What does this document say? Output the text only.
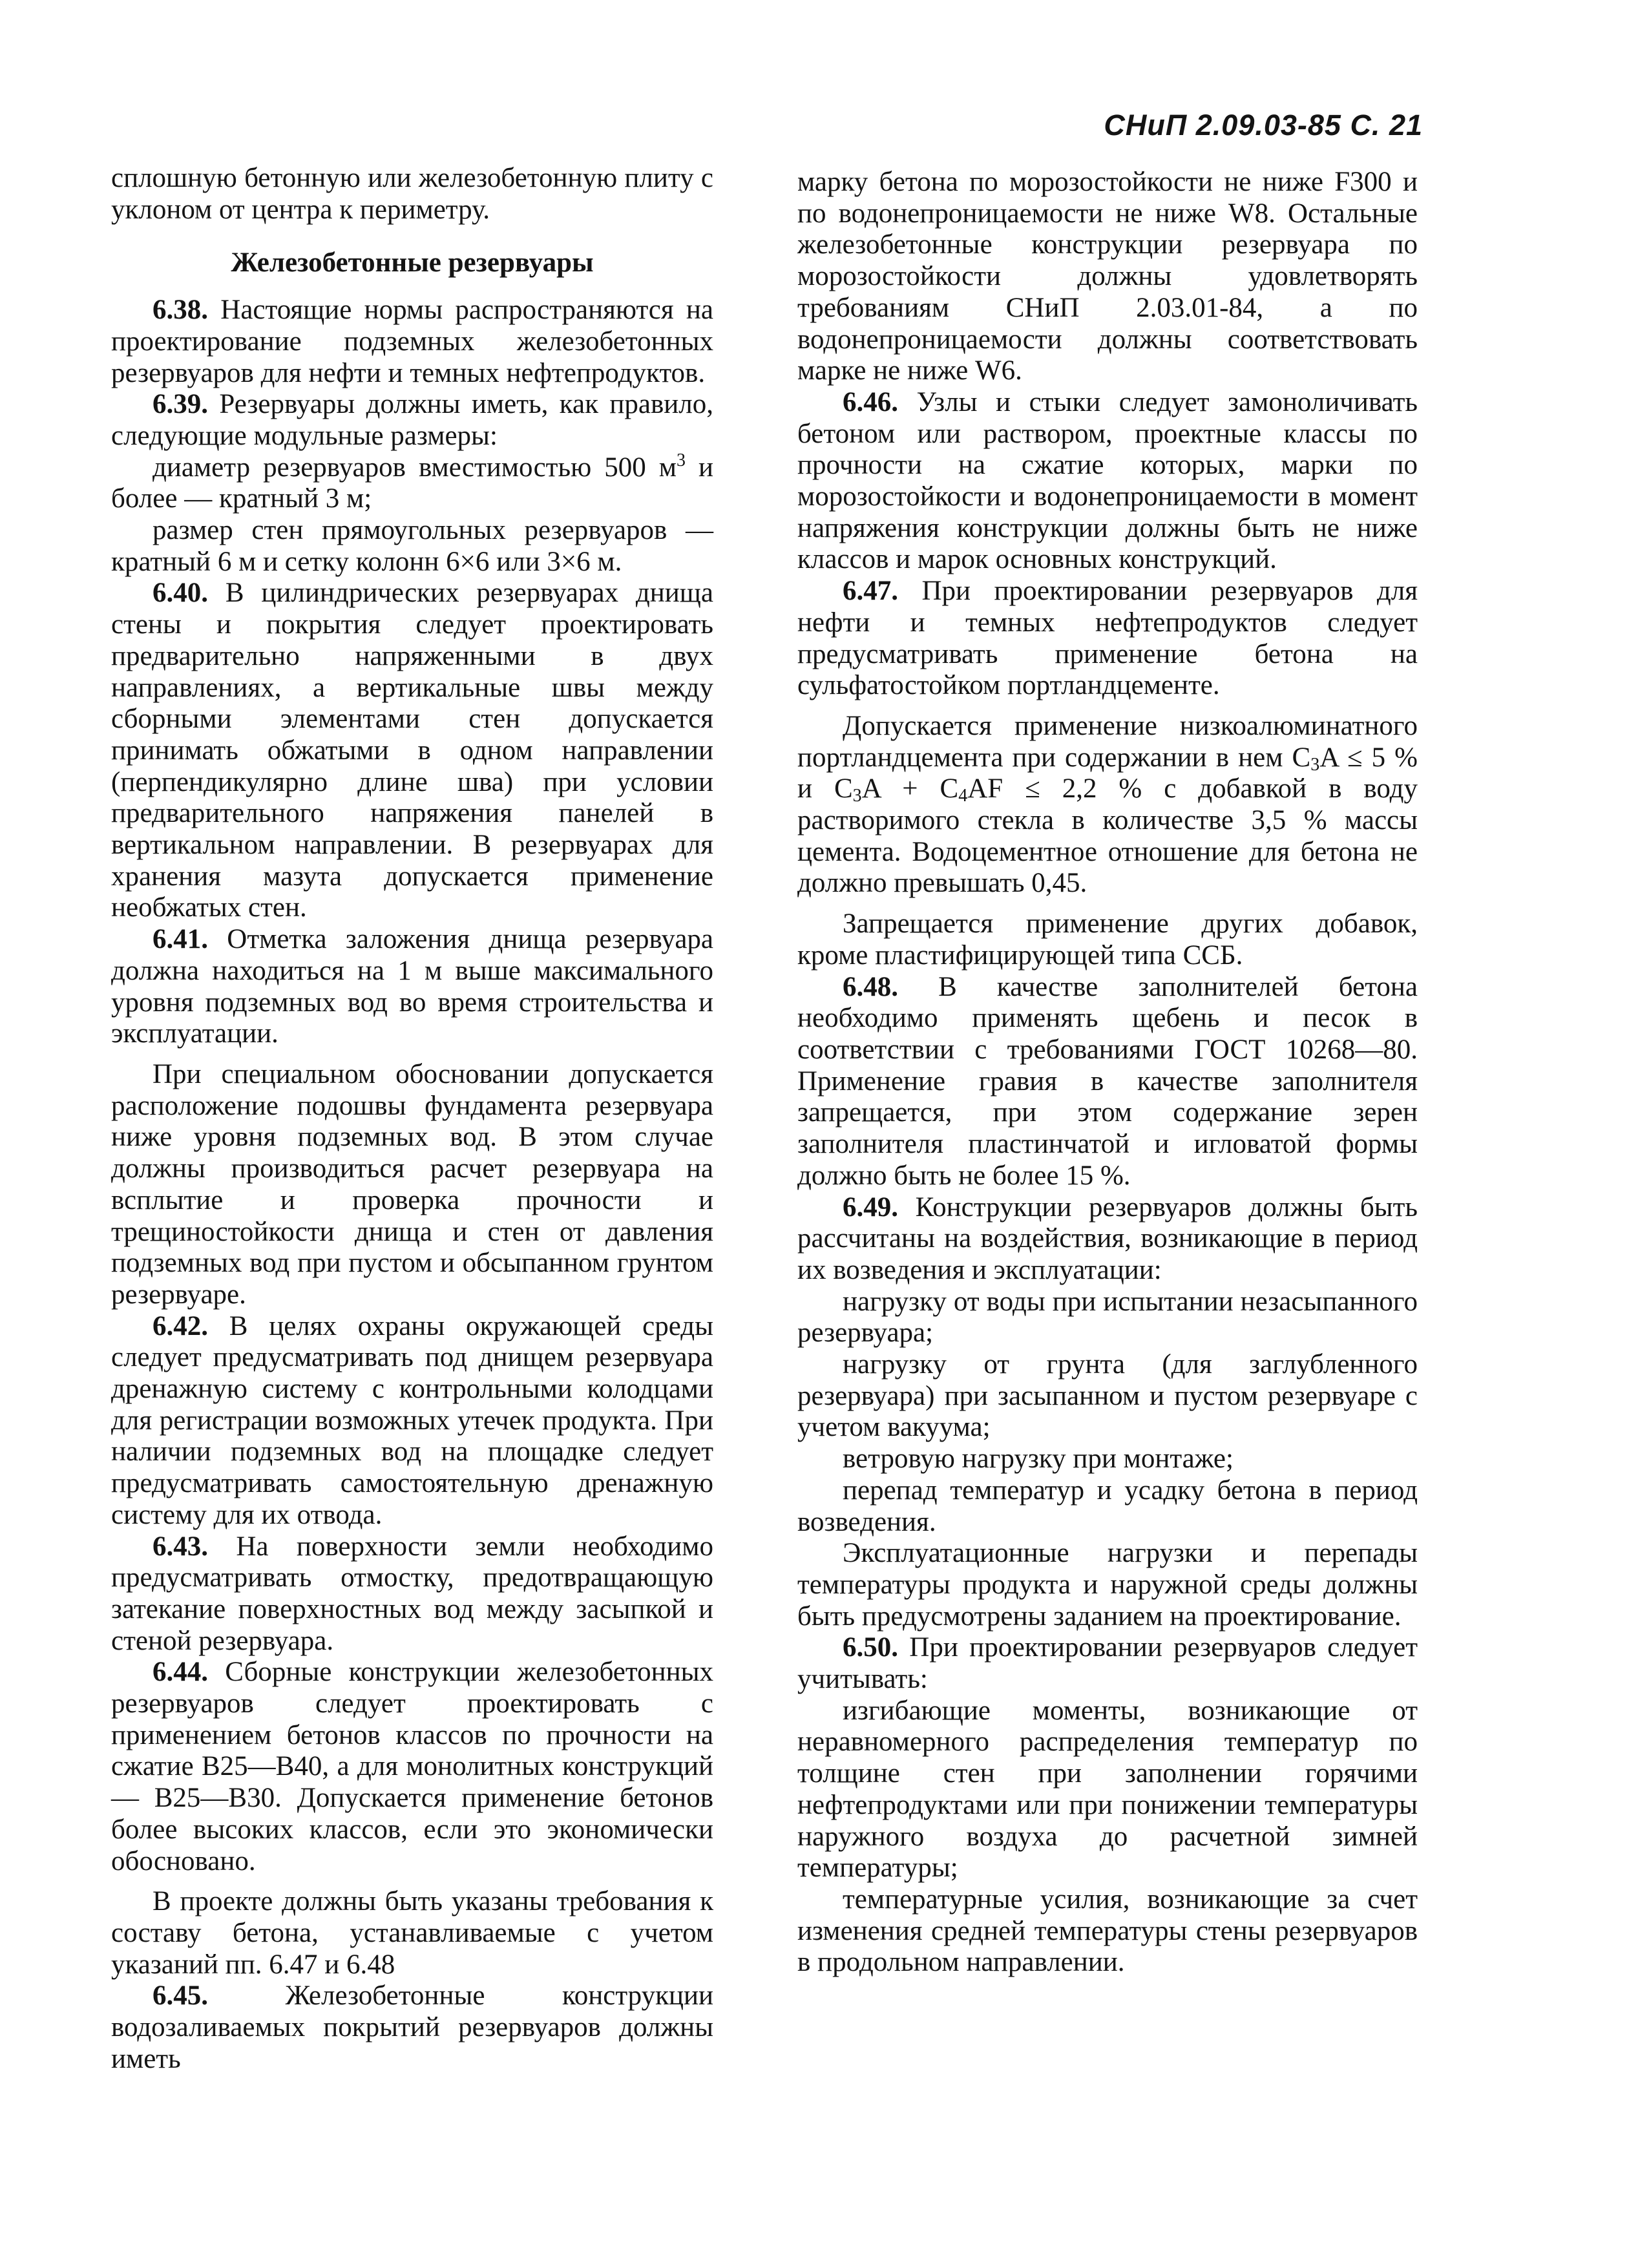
СНиП 2.09.03-85 С. 21

сплошную бетонную или железобетонную плиту с уклоном от центра к периметру.

Железобетонные резервуары

6.38. Настоящие нормы распространяются на проектирование подземных железобетонных резервуаров для нефти и темных нефтепродуктов.

6.39. Резервуары должны иметь, как правило, следующие модульные размеры:

диаметр резервуаров вместимостью 500 $м^3$ и более — кратный 3 м;

размер стен прямоугольных резервуаров — кратный 6 м и сетку колонн 6×6 или 3×6 м.

6.40. В цилиндрических резервуарах днища стены и покрытия следует проектировать предварительно напряженными в двух направлениях, а вертикальные швы между сборными элементами стен допускается принимать обжатыми в одном направлении (перпендикулярно длине шва) при условии предварительного напряжения панелей в вертикальном направлении. В резервуарах для хранения мазута допускается применение необжатых стен.

6.41. Отметка заложения днища резервуара должна находиться на 1 м выше максимального уровня подземных вод во время строительства и эксплуатации.

При специальном обосновании допускается расположение подошвы фундамента резервуара ниже уровня подземных вод. В этом случае должны производиться расчет резервуара на всплытие и проверка прочности и трещиностойкости днища и стен от давления подземных вод при пустом и обсыпанном грунтом резервуаре.

6.42. В целях охраны окружающей среды следует предусматривать под днищем резервуара дренажную систему с контрольными колодцами для регистрации возможных утечек продукта. При наличии подземных вод на площадке следует предусматривать самостоятельную дренажную систему для их отвода.

6.43. На поверхности земли необходимо предусматривать отмостку, предотвращающую затекание поверхностных вод между засыпкой и стеной резервуара.

6.44. Сборные конструкции железобетонных резервуаров следует проектировать с применением бетонов классов по прочности на сжатие В25—В40, а для монолитных конструкций — В25—В30. Допускается применение бетонов более высоких классов, если это экономически обосновано.

В проекте должны быть указаны требования к составу бетона, устанавливаемые с учетом указаний пп. 6.47 и 6.48

6.45. Железобетонные конструкции водозаливаемых покрытий резервуаров должны иметь

марку бетона по морозостойкости не ниже F300 и по водонепроницаемости не ниже W8. Остальные железобетонные конструкции резервуара по морозостойкости должны удовлетворять требованиям СНиП 2.03.01-84, а по водонепроницаемости должны соответствовать марке не ниже W6.

6.46. Узлы и стыки следует замоноличивать бетоном или раствором, проектные классы по прочности на сжатие которых, марки по морозостойкости и водонепроницаемости в момент напряжения конструкции должны быть не ниже классов и марок основных конструкций.

6.47. При проектировании резервуаров для нефти и темных нефтепродуктов следует предусматривать применение бетона на сульфатостойком портландцементе.

Допускается применение низкоалюминатного портландцемента при содержании в нем $C_3A \le 5$ % и $C_3A + C_4AF \le 2,2$ % с добавкой в воду растворимого стекла в количестве 3,5 % массы цемента. Водоцементное отношение для бетона не должно превышать 0,45.

Запрещается применение других добавок, кроме пластифицирующей типа ССБ.

6.48. В качестве заполнителей бетона необходимо применять щебень и песок в соответствии с требованиями ГОСТ 10268—80. Применение гравия в качестве заполнителя запрещается, при этом содержание зерен заполнителя пластинчатой и игловатой формы должно быть не более 15 %.

6.49. Конструкции резервуаров должны быть рассчитаны на воздействия, возникающие в период их возведения и эксплуатации:

нагрузку от воды при испытании незасыпанного резервуара;

нагрузку от грунта (для заглубленного резервуара) при засыпанном и пустом резервуаре с учетом вакуума;

ветровую нагрузку при монтаже;

перепад температур и усадку бетона в период возведения.

Эксплуатационные нагрузки и перепады температуры продукта и наружной среды должны быть предусмотрены заданием на проектирование.

6.50. При проектировании резервуаров следует учитывать:

изгибающие моменты, возникающие от неравномерного распределения температур по толщине стен при заполнении горячими нефтепродуктами или при понижении температуры наружного воздуха до расчетной зимней температуры;

температурные усилия, возникающие за счет изменения средней температуры стены резервуаров в продольном направлении.
